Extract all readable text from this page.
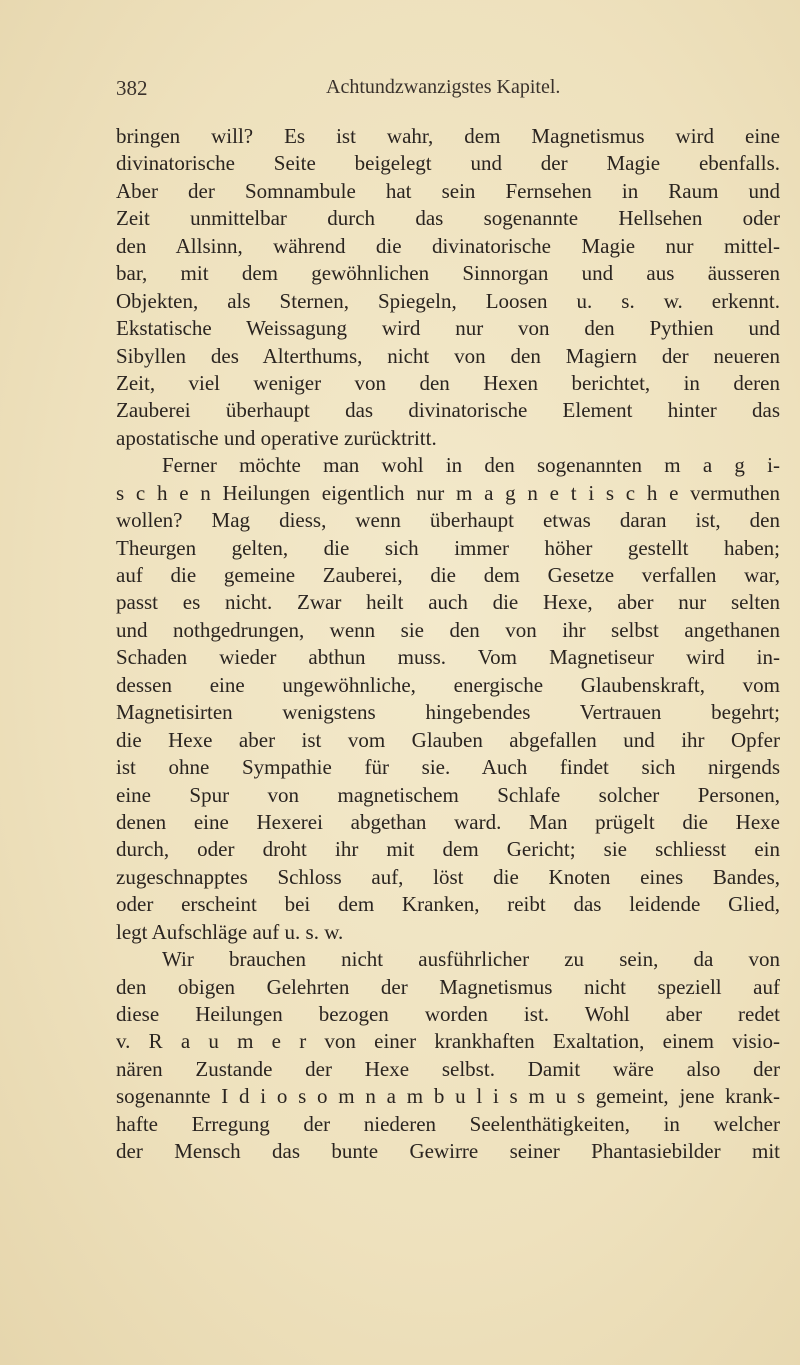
382	Achtundzwanzigstes Kapitel.
bringen will? Es ist wahr, dem Magnetismus wird eine
divinatorische Seite beigelegt und der Magie ebenfalls.
Aber der Somnambule hat sein Fernsehen in Raum und
Zeit unmittelbar durch das sogenannte Hellsehen oder
den Allsinn, während die divinatorische Magie nur mittel-
bar, mit dem gewöhnlichen Sinnorgan und aus äusseren
Objekten, als Sternen, Spiegeln, Loosen u. s. w. erkennt.
Ekstatische Weissagung wird nur von den Pythien und
Sibyllen des Alterthums, nicht von den Magiern der neueren
Zeit, viel weniger von den Hexen berichtet, in deren
Zauberei überhaupt das divinatorische Element hinter das
apostatische und operative zurücktritt.
Ferner möchte man wohl in den sogenannten m a g i-
s c h e n Heilungen eigentlich nur m a g n e t i s c h e vermuthen
wollen? Mag diess, wenn überhaupt etwas daran ist, den
Theurgen gelten, die sich immer höher gestellt haben;
auf die gemeine Zauberei, die dem Gesetze verfallen war,
passt es nicht. Zwar heilt auch die Hexe, aber nur selten
und nothgedrungen, wenn sie den von ihr selbst angethanen
Schaden wieder abthun muss. Vom Magnetiseur wird in-
dessen eine ungewöhnliche, energische Glaubenskraft, vom
Magnetisirten wenigstens hingebendes Vertrauen begehrt;
die Hexe aber ist vom Glauben abgefallen und ihr Opfer
ist ohne Sympathie für sie. Auch findet sich nirgends
eine Spur von magnetischem Schlafe solcher Personen,
denen eine Hexerei abgethan ward. Man prügelt die Hexe
durch, oder droht ihr mit dem Gericht; sie schliesst ein
zugeschnapptes Schloss auf, löst die Knoten eines Bandes,
oder erscheint bei dem Kranken, reibt das leidende Glied,
legt Aufschläge auf u. s. w.
Wir brauchen nicht ausführlicher zu sein, da von
den obigen Gelehrten der Magnetismus nicht speziell auf
diese Heilungen bezogen worden ist. Wohl aber redet
v. R a u m e r von einer krankhaften Exaltation, einem visio-
nären Zustande der Hexe selbst. Damit wäre also der
sogenannte I d i o s o m n a m b u l i s m u s gemeint, jene krank-
hafte Erregung der niederen Seelenthätigkeiten, in welcher
der Mensch das bunte Gewirre seiner Phantasiebilder mit
